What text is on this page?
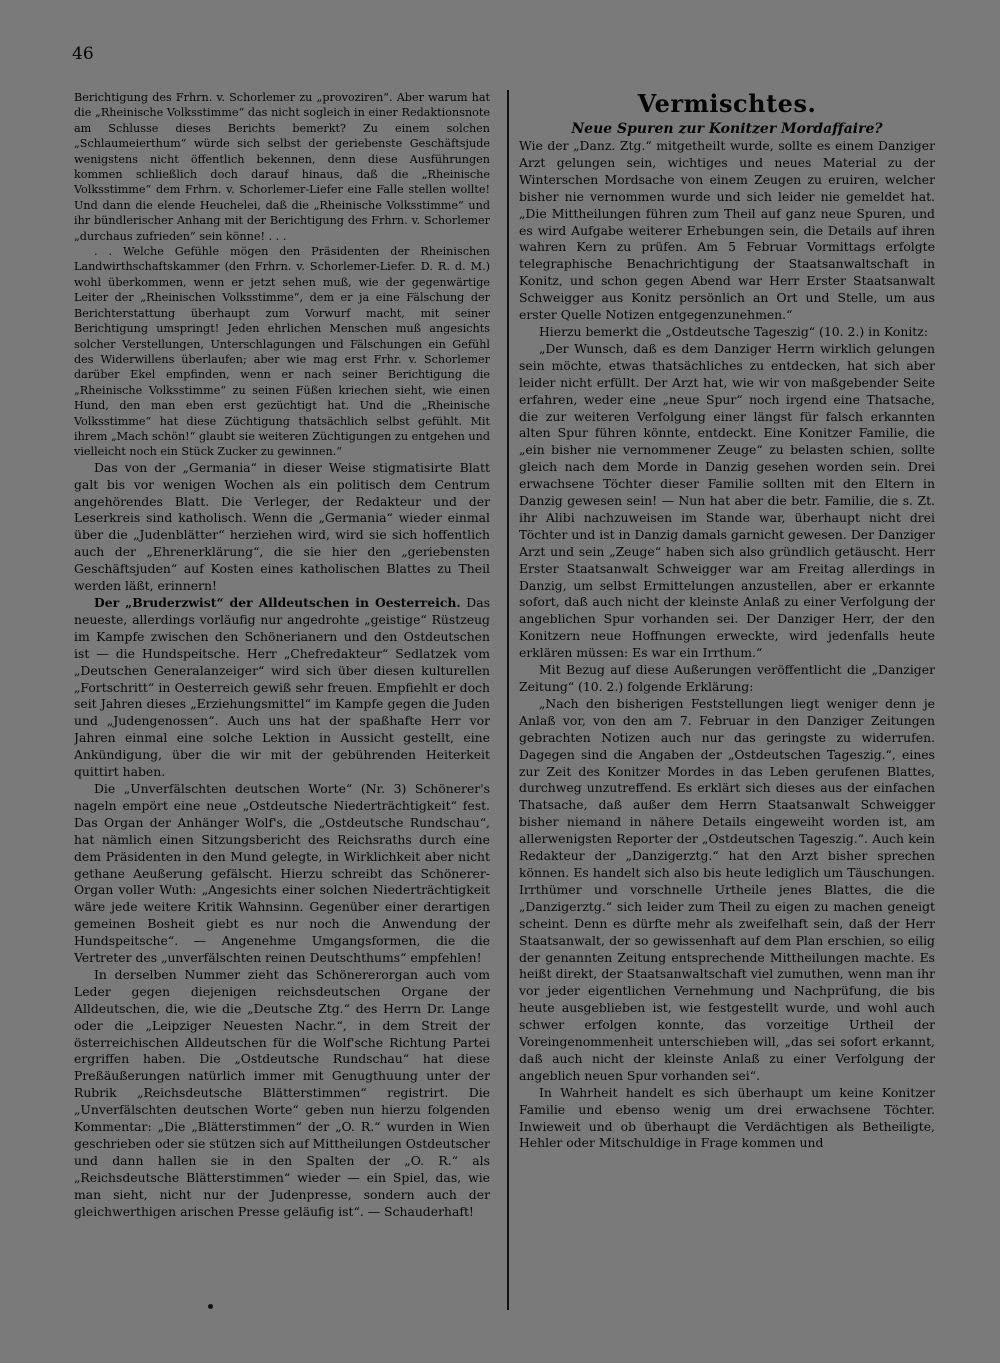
46

Berichtigung des Frhrn. v. Schorlemer zu „provoziren“. Aber warum hat die „Rheinische Volksstimme“ das nicht sogleich in einer Redaktionsnote am Schlusse dieses Berichts bemerkt? Zu einem solchen „Schlaumeierthum“ würde sich selbst der geriebenste Geschäftsjude wenigstens nicht öffentlich bekennen, denn diese Ausführungen kommen schließlich doch darauf hinaus, daß die „Rheinische Volksstimme“ dem Frhrn. v. Schorlemer-Liefer eine Falle stellen wollte! Und dann die elende Heuchelei, daß die „Rheinische Volksstimme“ und ihr bündlerischer Anhang mit der Berichtigung des Frhrn. v. Schorlemer „durchaus zufrieden“ sein könne! . . .

. . Welche Gefühle mögen den Präsidenten der Rheinischen Landwirthschaftskammer (den Frhrn. v. Schorlemer-Liefer. D. R. d. M.) wohl überkommen, wenn er jetzt sehen muß, wie der gegenwärtige Leiter der „Rheinischen Volksstimme“, dem er ja eine Fälschung der Berichterstattung überhaupt zum Vorwurf macht, mit seiner Berichtigung umspringt! Jeden ehrlichen Menschen muß angesichts solcher Verstellungen, Unterschlagungen und Fälschungen ein Gefühl des Widerwillens überlaufen; aber wie mag erst Frhr. v. Schorlemer darüber Ekel empfinden, wenn er nach seiner Berichtigung die „Rheinische Volksstimme“ zu seinen Füßen kriechen sieht, wie einen Hund, den man eben erst gezüchtigt hat. Und die „Rheinische Volksstimme“ hat diese Züchtigung thatsächlich selbst gefühlt. Mit ihrem „Mach schön!“ glaubt sie weiteren Züchtigungen zu entgehen und vielleicht noch ein Stück Zucker zu gewinnen.“

Das von der „Germania“ in dieser Weise stigmatisirte Blatt galt bis vor wenigen Wochen als ein politisch dem Centrum angehörendes Blatt. Die Verleger, der Redakteur und der Leserkreis sind katholisch. Wenn die „Germania“ wieder einmal über die „Judenblätter“ herziehen wird, wird sie sich hoffentlich auch der „Ehrenerklärung“, die sie hier den „geriebensten Geschäftsjuden“ auf Kosten eines katholischen Blattes zu Theil werden läßt, erinnern!

Der „Bruderzwist“ der Alldeutschen in Oesterreich. Das neueste, allerdings vorläufig nur angedrohte „geistige“ Rüstzeug im Kampfe zwischen den Schönerianern und den Ostdeutschen ist — die Hundspeitsche. Herr „Chefredakteur“ Sedlatzek vom „Deutschen Generalanzeiger“ wird sich über diesen kulturellen „Fortschritt“ in Oesterreich gewiß sehr freuen. Empfiehlt er doch seit Jahren dieses „Erziehungsmittel“ im Kampfe gegen die Juden und „Judengenossen“. Auch uns hat der spaßhafte Herr vor Jahren einmal eine solche Lektion in Aussicht gestellt, eine Ankündigung, über die wir mit der gebührenden Heiterkeit quittirt haben.

Die „Unverfälschten deutschen Worte“ (Nr. 3) Schönerer's nageln empört eine neue „Ostdeutsche Niederträchtigkeit“ fest. Das Organ der Anhänger Wolf's, die „Ostdeutsche Rundschau“, hat nämlich einen Sitzungsbericht des Reichsraths durch eine dem Präsidenten in den Mund gelegte, in Wirklichkeit aber nicht gethane Aeußerung gefälscht. Hierzu schreibt das Schönerer-Organ voller Wuth: „Angesichts einer solchen Niederträchtigkeit wäre jede weitere Kritik Wahnsinn. Gegenüber einer derartigen gemeinen Bosheit giebt es nur noch die Anwendung der Hundspeitsche“. — Angenehme Umgangsformen, die die Vertreter des „unverfälschten reinen Deutschthums“ empfehlen!

In derselben Nummer zieht das Schönererorgan auch vom Leder gegen diejenigen reichsdeutschen Organe der Alldeutschen, die, wie die „Deutsche Ztg.“ des Herrn Dr. Lange oder die „Leipziger Neuesten Nachr.“, in dem Streit der österreichischen Alldeutschen für die Wolf'sche Richtung Partei ergriffen haben. Die „Ostdeutsche Rundschau“ hat diese Preßäußerungen natürlich immer mit Genugthuung unter der Rubrik „Reichsdeutsche Blätterstimmen“ registrirt. Die „Unverfälschten deutschen Worte“ geben nun hierzu folgenden Kommentar: „Die „Blätterstimmen“ der „O. R.“ wurden in Wien geschrieben oder sie stützen sich auf Mittheilungen Ostdeutscher und dann hallen sie in den Spalten der „O. R.“ als „Reichsdeutsche Blätterstimmen“ wieder — ein Spiel, das, wie man sieht, nicht nur der Judenpresse, sondern auch der gleichwerthigen arischen Presse geläufig ist“. — Schauderhaft!

Vermischtes.
Neue Spuren zur Konitzer Mordaffaire?

Wie der „Danz. Ztg.“ mitgetheilt wurde, sollte es einem Danziger Arzt gelungen sein, wichtiges und neues Material zu der Winterschen Mordsache von einem Zeugen zu eruiren, welcher bisher nie vernommen wurde und sich leider nie gemeldet hat. „Die Mittheilungen führen zum Theil auf ganz neue Spuren, und es wird Aufgabe weiterer Erhebungen sein, die Details auf ihren wahren Kern zu prüfen. Am 5 Februar Vormittags erfolgte telegraphische Benachrichtigung der Staatsanwaltschaft in Konitz, und schon gegen Abend war Herr Erster Staatsanwalt Schweigger aus Konitz persönlich an Ort und Stelle, um aus erster Quelle Notizen entgegenzunehmen.“

Hierzu bemerkt die „Ostdeutsche Tageszig“ (10. 2.) in Konitz:

„Der Wunsch, daß es dem Danziger Herrn wirklich gelungen sein möchte, etwas thatsächliches zu entdecken, hat sich aber leider nicht erfüllt. Der Arzt hat, wie wir von maßgebender Seite erfahren, weder eine „neue Spur“ noch irgend eine Thatsache, die zur weiteren Verfolgung einer längst für falsch erkannten alten Spur führen könnte, entdeckt. Eine Konitzer Familie, die „ein bisher nie vernommener Zeuge“ zu belasten schien, sollte gleich nach dem Morde in Danzig gesehen worden sein. Drei erwachsene Töchter dieser Familie sollten mit den Eltern in Danzig gewesen sein! — Nun hat aber die betr. Familie, die s. Zt. ihr Alibi nachzuweisen im Stande war, überhaupt nicht drei Töchter und ist in Danzig damals garnicht gewesen. Der Danziger Arzt und sein „Zeuge“ haben sich also gründlich getäuscht. Herr Erster Staatsanwalt Schweigger war am Freitag allerdings in Danzig, um selbst Ermittelungen anzustellen, aber er erkannte sofort, daß auch nicht der kleinste Anlaß zu einer Verfolgung der angeblichen Spur vorhanden sei. Der Danziger Herr, der den Konitzern neue Hoffnungen erweckte, wird jedenfalls heute erklären müssen: Es war ein Irrthum.“

Mit Bezug auf diese Außerungen veröffentlicht die „Danziger Zeitung“ (10. 2.) folgende Erklärung:

„Nach den bisherigen Feststellungen liegt weniger denn je Anlaß vor, von den am 7. Februar in den Danziger Zeitungen gebrachten Notizen auch nur das geringste zu widerrufen. Dagegen sind die Angaben der „Ostdeutschen Tageszig.“, eines zur Zeit des Konitzer Mordes in das Leben gerufenen Blattes, durchweg unzutreffend. Es erklärt sich dieses aus der einfachen Thatsache, daß außer dem Herrn Staatsanwalt Schweigger bisher niemand in nähere Details eingeweiht worden ist, am allerwenigsten Reporter der „Ostdeutschen Tageszig.“. Auch kein Redakteur der „Danzigerztg.“ hat den Arzt bisher sprechen können. Es handelt sich also bis heute lediglich um Täuschungen. Irrthümer und vorschnelle Urtheile jenes Blattes, die die „Danzigerztg.“ sich leider zum Theil zu eigen zu machen geneigt scheint. Denn es dürfte mehr als zweifelhaft sein, daß der Herr Staatsanwalt, der so gewissenhaft auf dem Plan erschien, so eilig der genannten Zeitung entsprechende Mittheilungen machte. Es heißt direkt, der Staatsanwaltschaft viel zumuthen, wenn man ihr vor jeder eigentlichen Vernehmung und Nachprüfung, die bis heute ausgeblieben ist, wie festgestellt wurde, und wohl auch schwer erfolgen konnte, das vorzeitige Urtheil der Voreingenommenheit unterschieben will, „das sei sofort erkannt, daß auch nicht der kleinste Anlaß zu einer Verfolgung der angeblich neuen Spur vorhanden sei“.

In Wahrheit handelt es sich überhaupt um keine Konitzer Familie und ebenso wenig um drei erwachsene Töchter. Inwieweit und ob überhaupt die Verdächtigen als Betheiligte, Hehler oder Mitschuldige in Frage kommen und
